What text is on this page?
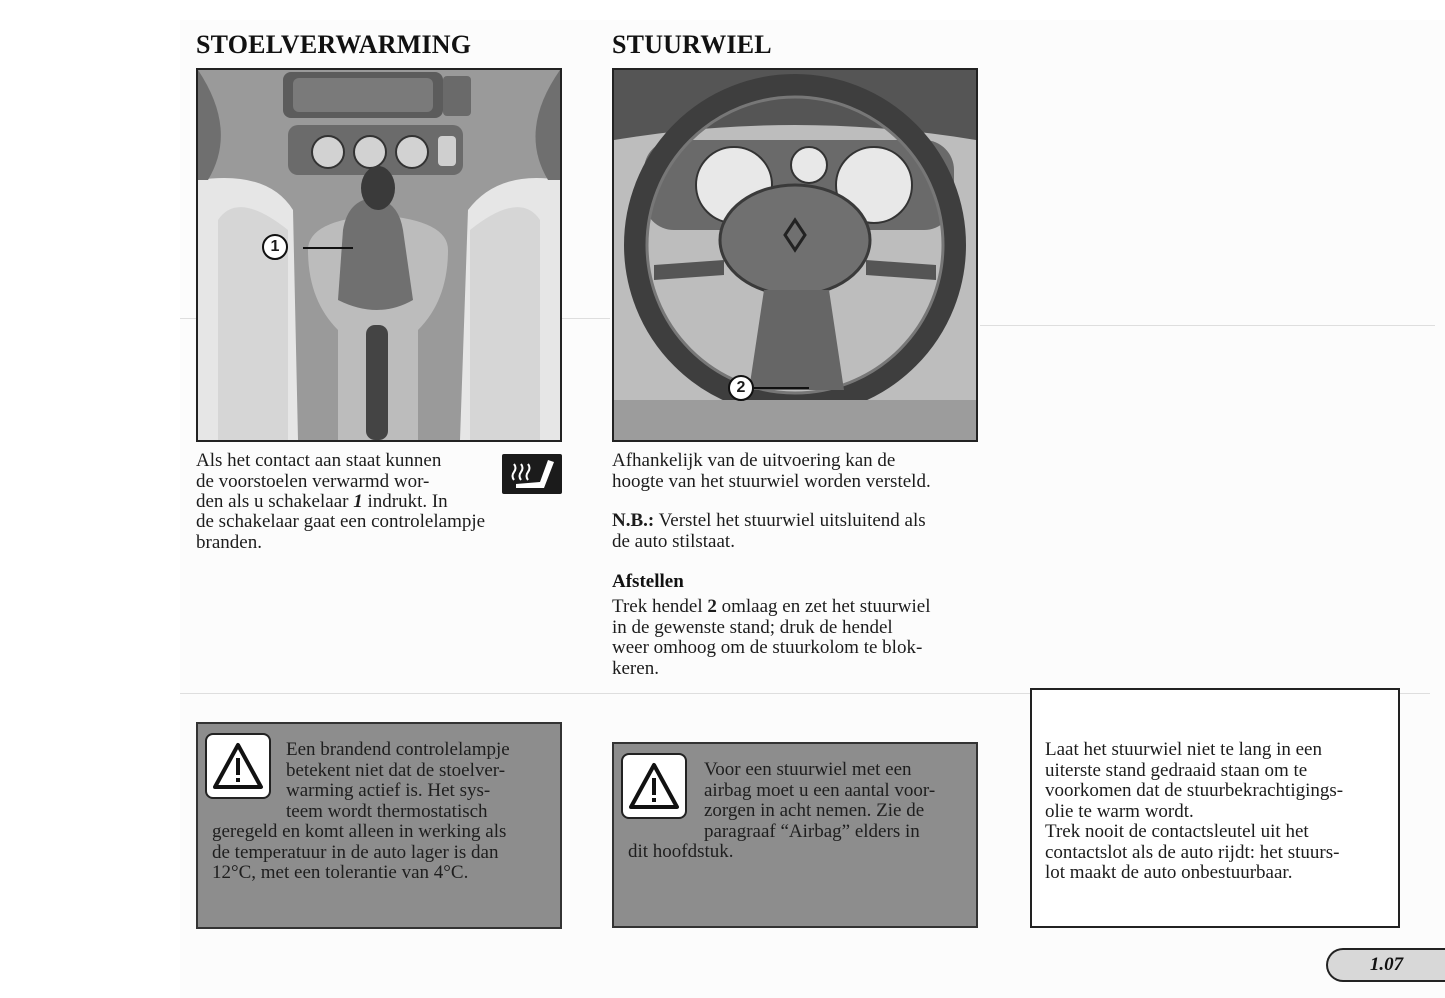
STOELVERWARMING
1
Als het contact aan staat kunnen
de voorstoelen verwarmd wor-
den als u schakelaar 1 indrukt. In
de schakelaar gaat een controlelampje
branden.
Een brandend controlelampje
betekent niet dat de stoelver-
warming actief is. Het sys-
teem wordt thermostatisch
geregeld en komt alleen in werking als
de temperatuur in de auto lager is dan
12°C, met een tolerantie van 4°C.
STUURWIEL
2
Afhankelijk van de uitvoering kan de
hoogte van het stuurwiel worden versteld.
N.B.: Verstel het stuurwiel uitsluitend als
de auto stilstaat.
Afstellen
Trek hendel 2 omlaag en zet het stuurwiel
in de gewenste stand; druk de hendel
weer omhoog om de stuurkolom te blok-
keren.
Voor een stuurwiel met een
airbag moet u een aantal voor-
zorgen in acht nemen. Zie de
paragraaf “Airbag” elders in
dit hoofdstuk.
Laat het stuurwiel niet te lang in een
uiterste stand gedraaid staan om te
voorkomen dat de stuurbekrachtigings-
olie te warm wordt.
Trek nooit de contactsleutel uit het
contactslot als de auto rijdt: het stuurs-
lot maakt de auto onbestuurbaar.
1.07
